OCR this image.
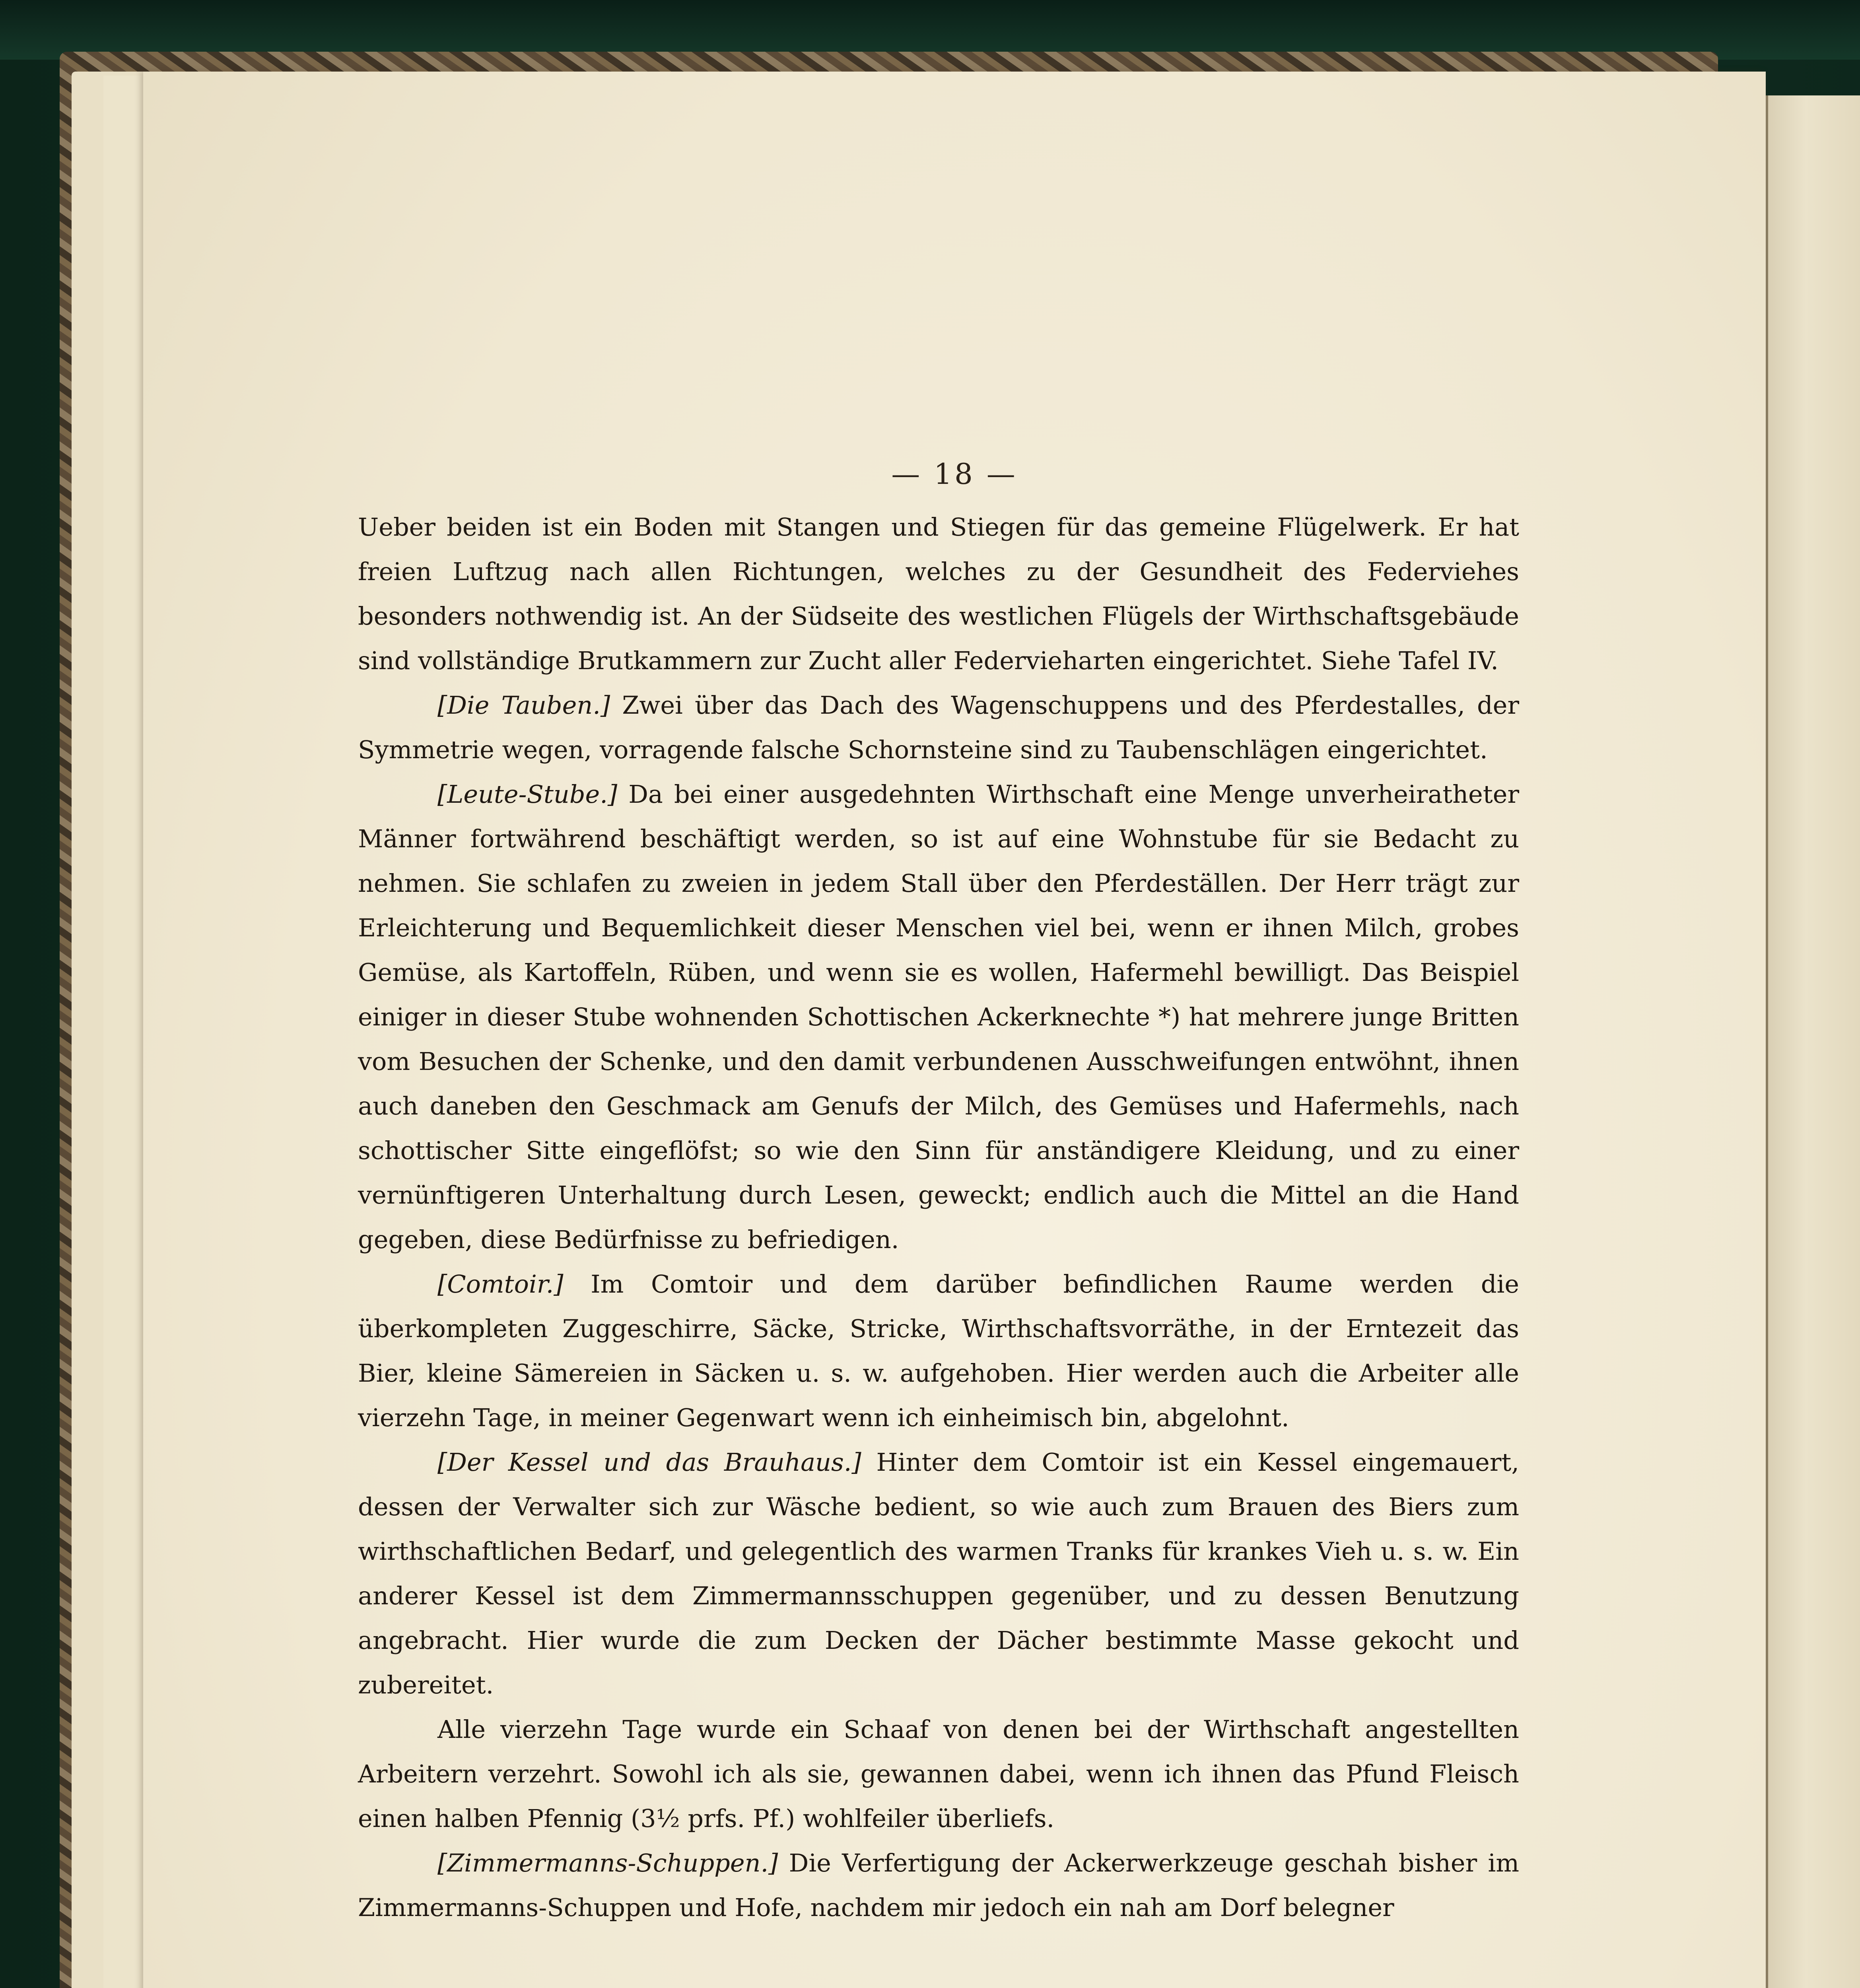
— 18 —

Ueber beiden ist ein Boden mit Stangen und Stiegen für das gemeine Flügelwerk. Er hat freien Luftzug nach allen Richtungen, welches zu der Gesundheit des Federviehes besonders nothwendig ist. An der Südseite des westlichen Flügels der Wirthschaftsgebäude sind vollständige Brutkammern zur Zucht aller Federvieharten eingerichtet. Siehe Tafel IV.

[Die Tauben.] Zwei über das Dach des Wagenschuppens und des Pferdestalles, der Symmetrie wegen, vorragende falsche Schornsteine sind zu Taubenschlägen eingerichtet.

[Leute-Stube.] Da bei einer ausgedehnten Wirthschaft eine Menge unverheiratheter Männer fortwährend beschäftigt werden, so ist auf eine Wohnstube für sie Bedacht zu nehmen. Sie schlafen zu zweien in jedem Stall über den Pferdeställen. Der Herr trägt zur Erleichterung und Bequemlichkeit dieser Menschen viel bei, wenn er ihnen Milch, grobes Gemüse, als Kartoffeln, Rüben, und wenn sie es wollen, Hafermehl bewilligt. Das Beispiel einiger in dieser Stube wohnenden Schottischen Ackerknechte *) hat mehrere junge Britten vom Besuchen der Schenke, und den damit verbundenen Ausschweifungen entwöhnt, ihnen auch daneben den Geschmack am Genufs der Milch, des Gemüses und Hafermehls, nach schottischer Sitte eingeflöfst; so wie den Sinn für anständigere Kleidung, und zu einer vernünftigeren Unterhaltung durch Lesen, geweckt; endlich auch die Mittel an die Hand gegeben, diese Bedürfnisse zu befriedigen.

[Comtoir.] Im Comtoir und dem darüber befindlichen Raume werden die überkompleten Zuggeschirre, Säcke, Stricke, Wirthschaftsvorräthe, in der Erntezeit das Bier, kleine Sämereien in Säcken u. s. w. aufgehoben. Hier werden auch die Arbeiter alle vierzehn Tage, in meiner Gegenwart wenn ich einheimisch bin, abgelohnt.

[Der Kessel und das Brauhaus.] Hinter dem Comtoir ist ein Kessel eingemauert, dessen der Verwalter sich zur Wäsche bedient, so wie auch zum Brauen des Biers zum wirthschaftlichen Bedarf, und gelegentlich des warmen Tranks für krankes Vieh u. s. w. Ein anderer Kessel ist dem Zimmermannsschuppen gegenüber, und zu dessen Benutzung angebracht. Hier wurde die zum Decken der Dächer bestimmte Masse gekocht und zubereitet.

Alle vierzehn Tage wurde ein Schaaf von denen bei der Wirthschaft angestellten Arbeitern verzehrt. Sowohl ich als sie, gewannen dabei, wenn ich ihnen das Pfund Fleisch einen halben Pfennig (3½ prfs. Pf.) wohlfeiler überliefs.

[Zimmermanns-Schuppen.] Die Verfertigung der Ackerwerkzeuge geschah bisher im Zimmermanns-Schuppen und Hofe, nachdem mir jedoch ein nah am Dorf belegner
